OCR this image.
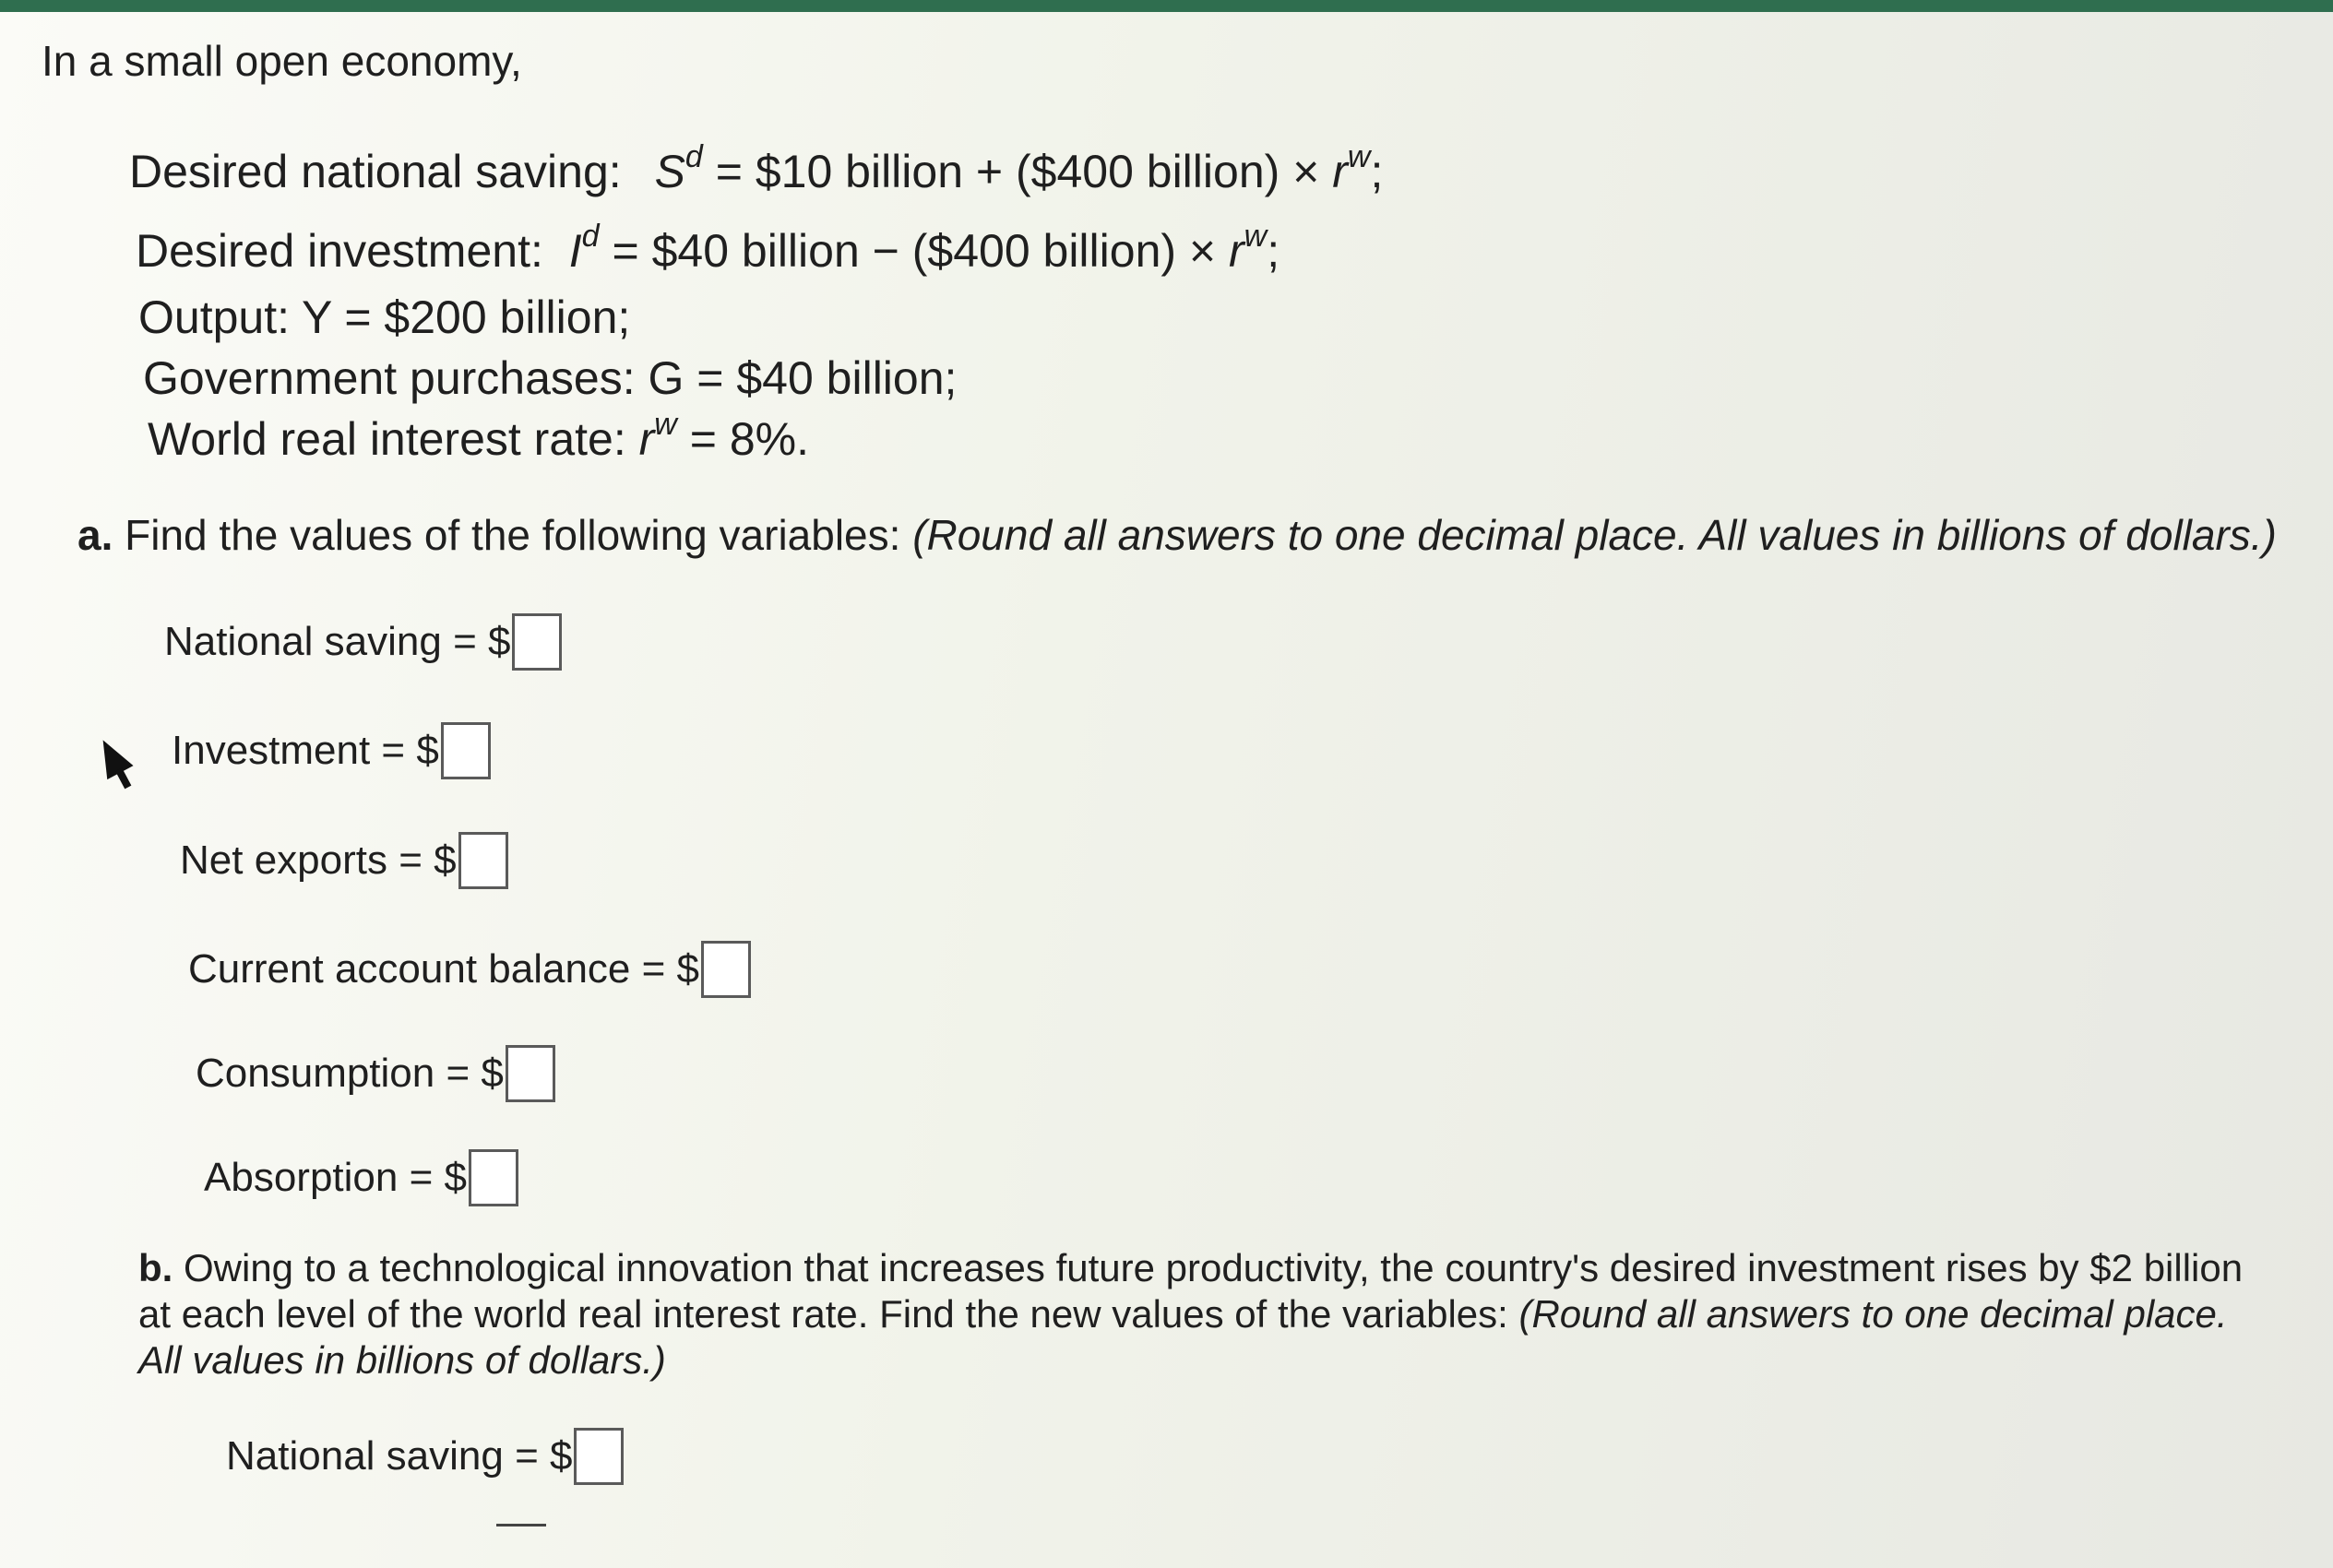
In a small open economy,
Desired national saving: $S^d$ = $10 billion + ($400 billion) × $r^w$;
Desired investment: $I^d$ = $40 billion − ($400 billion) × $r^w$;
Output: Y = $200 billion;
Government purchases: G = $40 billion;
World real interest rate: $r^w = 8\%$.
a. Find the values of the following variables: (Round all answers to one decimal place. All values in billions of dollars.)
National saving = $
Investment = $
Net exports = $
Current account balance = $
Consumption = $
Absorption = $
b. Owing to a technological innovation that increases future productivity, the country's desired investment rises by $2 billion at each level of the world real interest rate. Find the new values of the variables: (Round all answers to one decimal place. All values in billions of dollars.)
National saving = $
